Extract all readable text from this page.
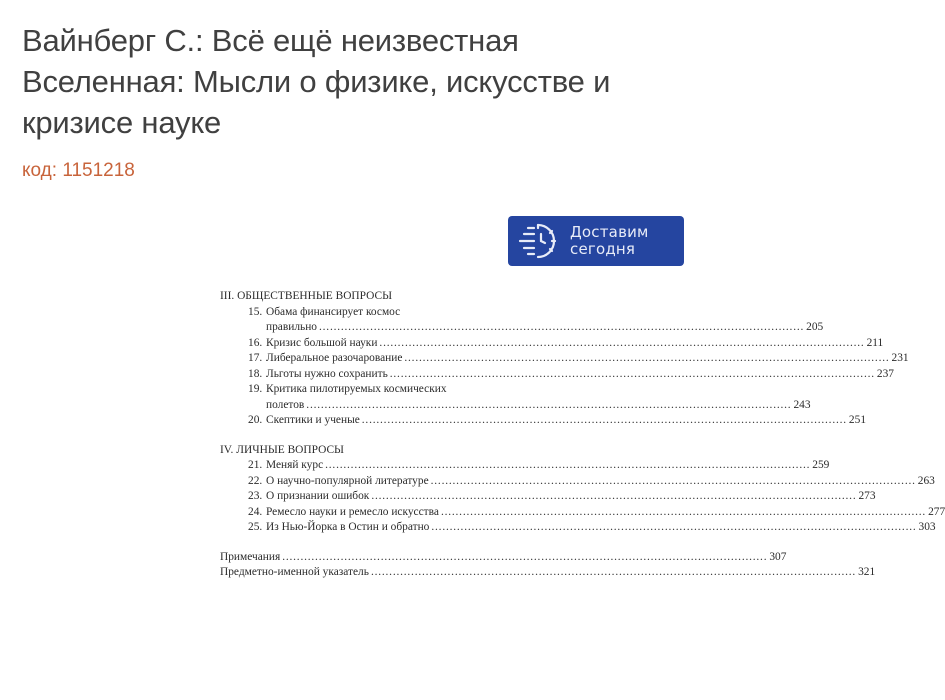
Вайнберг С.: Всё ещё неизвестная Вселенная: Мысли о физике, искусстве и кризисе науке
код: 1151218
Доставим
сегодня
III. ОБЩЕСТВЕННЫЕ ВОПРОСЫ
15. Обама финансирует космос
правильно .....	205
16. Кризис большой науки .....	211
17. Либеральное разочарование .....	231
18. Льготы нужно сохранить .....	237
19. Критика пилотируемых космических
полетов .....	243
20. Скептики и ученые .....	251
IV. ЛИЧНЫЕ ВОПРОСЫ
21. Меняй курс .....	259
22. О научно-популярной литературе .....	263
23. О признании ошибок .....	273
24. Ремесло науки и ремесло искусства .....	277
25. Из Нью-Йорка в Остин и обратно .....	303
Примечания .....	307
Предметно-именной указатель .....	321
